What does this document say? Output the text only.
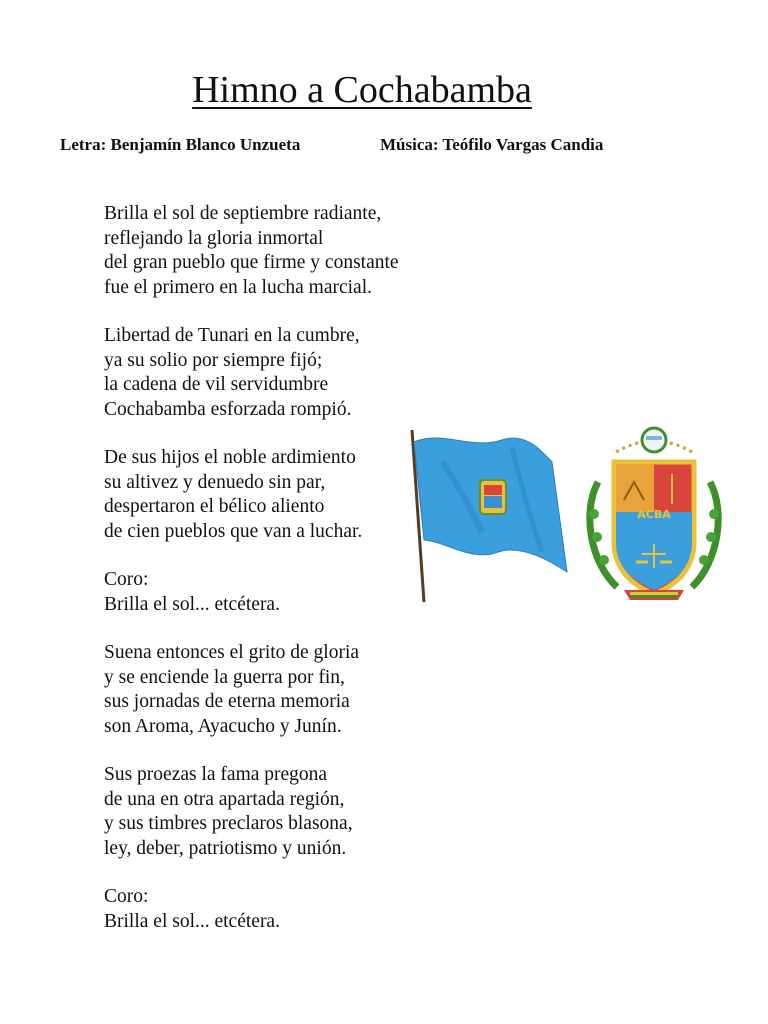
Himno a Cochabamba
Letra: Benjamín Blanco Unzueta	Música: Teófilo Vargas Candia
Brilla el sol de septiembre radiante,
reflejando la gloria inmortal
del gran pueblo que firme y constante
fue el primero en la lucha marcial.
Libertad de Tunari en la cumbre,
ya su solio por siempre fijó;
la cadena de vil servidumbre
Cochabamba esforzada rompió.
De sus hijos el noble ardimiento
su altivez y denuedo sin par,
despertaron el bélico aliento
de cien pueblos que van a luchar.
Coro:
Brilla el sol... etcétera.
Suena entonces el grito de gloria
y se enciende la guerra por fin,
sus jornadas de eterna memoria
son Aroma, Ayacucho y Junín.
Sus proezas la fama pregona
de una en otra apartada región,
y sus timbres preclaros blasona,
ley, deber, patriotismo y unión.
Coro:
Brilla el sol... etcétera.
ACBA
